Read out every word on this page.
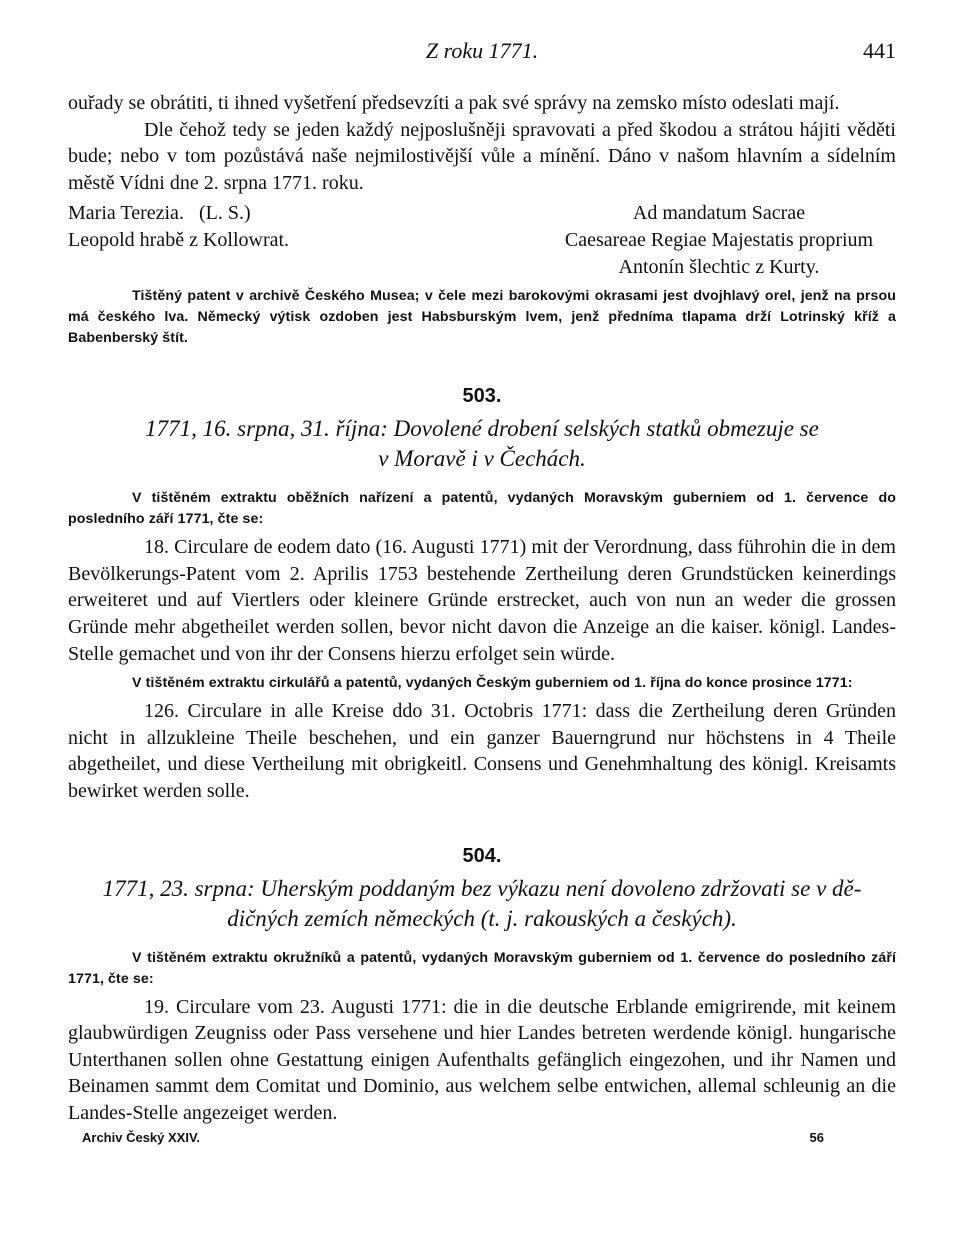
Z roku 1771.	441

ouřady se obrátiti, ti ihned vyšetření předsevzíti a pak své správy na zemsko místo odeslati mají.

Dle čehož tedy se jeden každý nejposlušněji spravovati a před škodou a strátou hájiti věděti bude; nebo v tom pozůstává naše nejmilostivější vůle a mínění. Dáno v našom hlavním a sídelním městě Vídni dne 2. srpna 1771. roku.

Maria Terezia.   (L. S.)
Leopold hrabě z Kollowrat.
Ad mandatum Sacrae
Caesareae Regiae Majestatis proprium
Antonín šlechtic z Kurty.
Tištěný patent v archivě Českého Musea; v čele mezi barokovými okrasami jest dvojhlavý orel, jenž na prsou má českého lva. Německý výtisk ozdoben jest Habsburským lvem, jenž předníma tlapama drží Lotrinský kříž a Babenberský štít.
503.
1771, 16. srpna, 31. října: Dovolené drobení selských statků obmezuje se
v Moravě i v Čechách.
V tištěném extraktu oběžních nařízení a patentů, vydaných Moravským guberniem od 1. července do posledního září 1771, čte se:

18. Circulare de eodem dato (16. Augusti 1771) mit der Verordnung, dass führohin die in dem Bevölkerungs-Patent vom 2. Aprilis 1753 bestehende Zertheilung deren Grundstücken keinerdings erweiteret und auf Viertlers oder kleinere Gründe erstrecket, auch von nun an weder die grossen Gründe mehr abgetheilet werden sollen, bevor nicht davon die Anzeige an die kaiser. königl. Landes-Stelle gemachet und von ihr der Consens hierzu erfolget sein würde.

V tištěném extraktu cirkulářů a patentů, vydaných Českým guberniem od 1. října do konce prosince 1771:

126. Circulare in alle Kreise ddo 31. Octobris 1771: dass die Zertheilung deren Gründen nicht in allzukleine Theile beschehen, und ein ganzer Bauerngrund nur höchstens in 4 Theile abgetheilet, und diese Vertheilung mit obrigkeitl. Consens und Genehmhaltung des königl. Kreisamts bewirket werden solle.

504.
1771, 23. srpna: Uherským poddaným bez výkazu není dovoleno zdržovati se v dě-
dičných zemích německých (t. j. rakouských a českých).
V tištěném extraktu okružníků a patentů, vydaných Moravským guberniem od 1. července do posledního září 1771, čte se:

19. Circulare vom 23. Augusti 1771: die in die deutsche Erblande emigrirende, mit keinem glaubwürdigen Zeugniss oder Pass versehene und hier Landes betreten werdende königl. hungarische Unterthanen sollen ohne Gestattung einigen Aufenthalts gefänglich eingezohen, und ihr Namen und Beinamen sammt dem Comitat und Dominio, aus welchem selbe entwichen, allemal schleunig an die Landes-Stelle angezeiget werden.

Archiv Český XXIV.	56
